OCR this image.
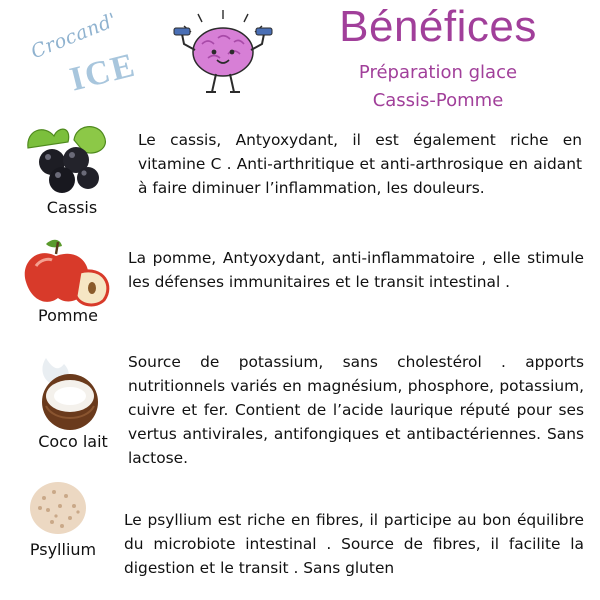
Crocand'
ICE
Bénéfices
Préparation glace
Cassis-Pomme
Cassis
Le cassis, Antyoxydant, il est également riche en vitamine C . Anti-arthritique et anti-arthrosique en aidant à faire diminuer l’inflammation, les douleurs.
Pomme
La pomme, Antyoxydant, anti-inflammatoire , elle stimule les défenses immunitaires et le transit intestinal .
Coco lait
Source de potassium, sans cholestérol . apports nutritionnels variés en magnésium, phosphore, potassium, cuivre et fer. Contient de l’acide laurique réputé pour ses vertus antivirales, antifongiques et antibactériennes. Sans lactose.
Psyllium
Le psyllium est riche en fibres, il participe au bon équilibre du microbiote intestinal . Source de fibres, il facilite la digestion et le transit . Sans gluten
